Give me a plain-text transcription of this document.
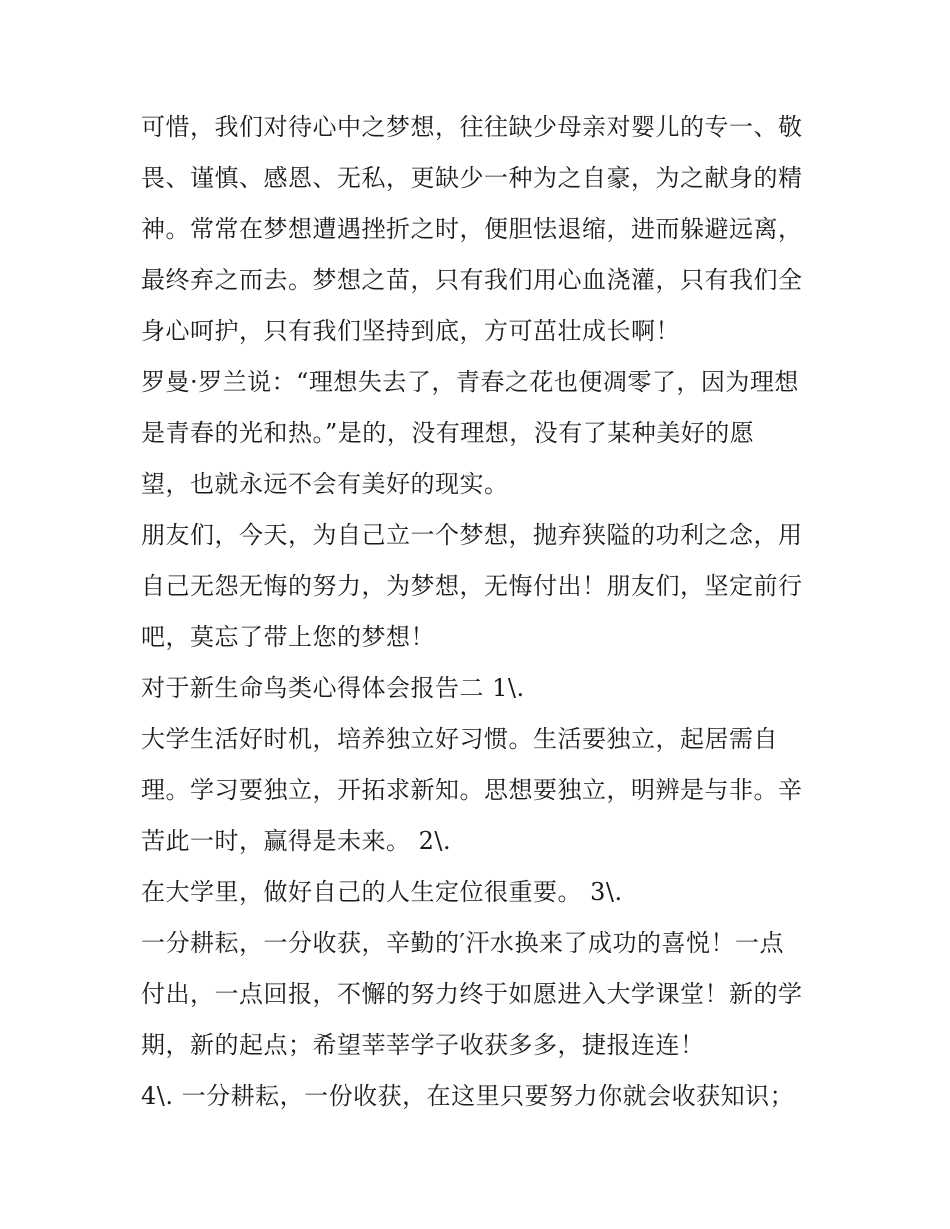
可惜，我们对待心中之梦想，往往缺少母亲对婴儿的专一、敬
畏、谨慎、感恩、无私，更缺少一种为之自豪，为之献身的精
神。常常在梦想遭遇挫折之时，便胆怯退缩，进而躲避远离，
最终弃之而去。梦想之苗，只有我们用心血浇灌，只有我们全
身心呵护，只有我们坚持到底，方可茁壮成长啊！
罗曼·罗兰说：“理想失去了，青春之花也便凋零了，因为理想
是青春的光和热。”是的，没有理想，没有了某种美好的愿
望，也就永远不会有美好的现实。
朋友们，今天，为自己立一个梦想，抛弃狭隘的功利之念，用
自己无怨无悔的努力，为梦想，无悔付出！朋友们，坚定前行
吧，莫忘了带上您的梦想！
对于新生命鸟类心得体会报告二 1\.
大学生活好时机，培养独立好习惯。生活要独立，起居需自
理。学习要独立，开拓求新知。思想要独立，明辨是与非。辛
苦此一时，赢得是未来。 2\.
在大学里，做好自己的人生定位很重要。 3\.
一分耕耘，一分收获，辛勤的′汗水换来了成功的喜悦！一点
付出，一点回报，不懈的努力终于如愿进入大学课堂！新的学
期，新的起点；希望莘莘学子收获多多，捷报连连！
4\. 一分耕耘，一份收获，在这里只要努力你就会收获知识；
